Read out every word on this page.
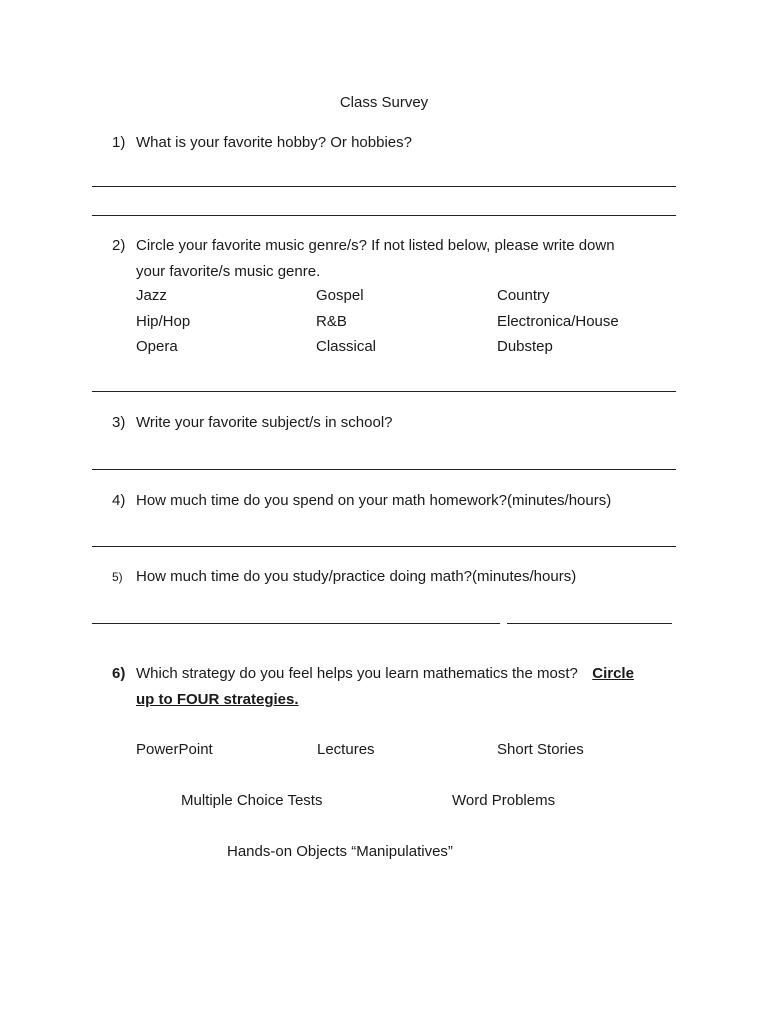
Class Survey
1) What is your favorite hobby? Or hobbies?
2) Circle your favorite music genre/s? If not listed below, please write down
your favorite/s music genre.
Jazz	Gospel	Country
Hip/Hop	R&B	Electronica/House
Opera	Classical	Dubstep
3) Write your favorite subject/s in school?
4) How much time do you spend on your math homework?(minutes/hours)
5) How much time do you study/practice doing math?(minutes/hours)
6) Which strategy do you feel helps you learn mathematics the most? Circle
up to FOUR strategies.
PowerPoint	Lectures	Short Stories
Multiple Choice Tests	Word Problems
Hands-on Objects “Manipulatives”
